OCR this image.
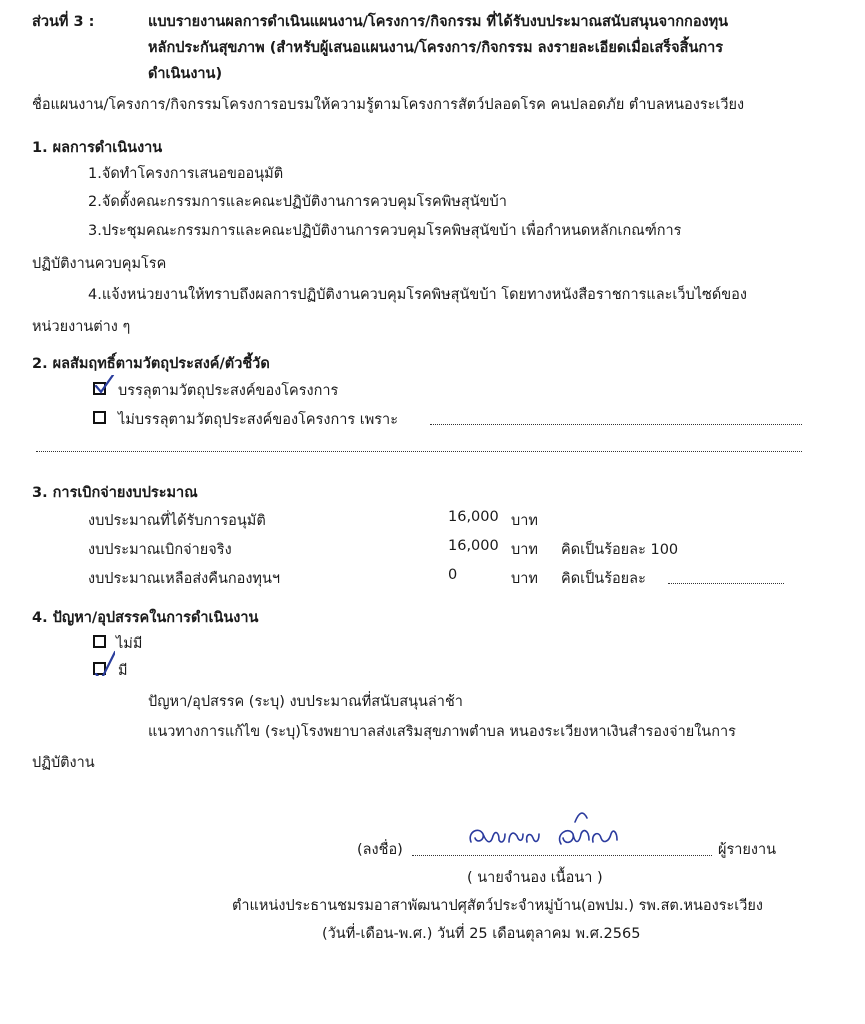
ส่วนที่ 3 :	แบบรายงานผลการดำเนินแผนงาน/โครงการ/กิจกรรม ที่ได้รับงบประมาณสนับสนุนจากกองทุน
หลักประกันสุขภาพ (สำหรับผู้เสนอแผนงาน/โครงการ/กิจกรรม ลงรายละเอียดเมื่อเสร็จสิ้นการ
ดำเนินงาน)
ชื่อแผนงาน/โครงการ/กิจกรรมโครงการอบรมให้ความรู้ตามโครงการสัตว์ปลอดโรค คนปลอดภัย ตำบลหนองระเวียง
1. ผลการดำเนินงาน
1.จัดทำโครงการเสนอขออนุมัติ
2.จัดตั้งคณะกรรมการและคณะปฏิบัติงานการควบคุมโรคพิษสุนัขบ้า
3.ประชุมคณะกรรมการและคณะปฏิบัติงานการควบคุมโรคพิษสุนัขบ้า เพื่อกำหนดหลักเกณฑ์การ
ปฏิบัติงานควบคุมโรค
4.แจ้งหน่วยงานให้ทราบถึงผลการปฏิบัติงานควบคุมโรคพิษสุนัขบ้า โดยทางหนังสือราชการและเว็บไซด์ของ
หน่วยงานต่าง ๆ
2. ผลสัมฤทธิ์ตามวัตถุประสงค์/ตัวชี้วัด
บรรลุตามวัตถุประสงค์ของโครงการ
ไม่บรรลุตามวัตถุประสงค์ของโครงการ เพราะ
3. การเบิกจ่ายงบประมาณ
งบประมาณที่ได้รับการอนุมัติ	16,000 บาท
งบประมาณเบิกจ่ายจริง	16,000 บาท คิดเป็นร้อยละ 100
งบประมาณเหลือส่งคืนกองทุนฯ	0	บาท คิดเป็นร้อยละ
4. ปัญหา/อุปสรรคในการดำเนินงาน
ไม่มี
มี
ปัญหา/อุปสรรค (ระบุ) งบประมาณที่สนับสนุนล่าช้า
แนวทางการแก้ไข (ระบุ)โรงพยาบาลส่งเสริมสุขภาพตำบล หนองระเวียงหาเงินสำรองจ่ายในการ
ปฏิบัติงาน
(ลงชื่อ)	ผู้รายงาน
( นายจำนอง เนื้อนา )
ตำแหน่งประธานชมรมอาสาพัฒนาปศุสัตว์ประจำหมู่บ้าน(อพปม.) รพ.สต.หนองระเวียง
(วันที่-เดือน-พ.ศ.) วันที่ 25 เดือนตุลาคม พ.ศ.2565
